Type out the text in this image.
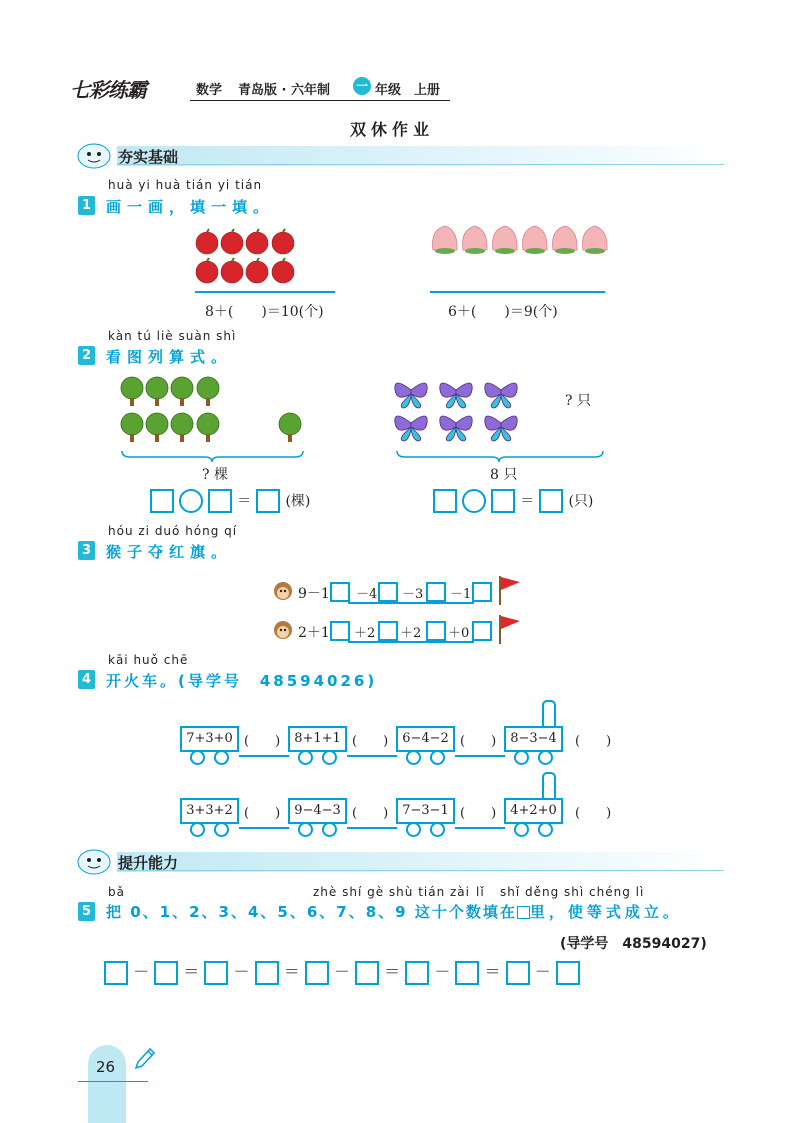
七彩练霸	数学 青岛版 · 六年制 一 年级 上册
双休作业
夯实基础
huà yi huà tián yi tián
1 画一画，填一填。
8＋(　　)＝10(个)	6＋(　　)＝9(个)
kàn tú liè suàn shì
2 看图列算式。
? 棵
＝ (棵)
? 只
8 只
＝ (只)
hóu zi duó hóng qí
3 猴子夺红旗。
9－1 －4 －3 －1
2＋1 ＋2 ＋2 ＋0
kāi huǒ chē
4 开火车。(导学号　48594026)
7+3+0 (　　)	8+1+1 (　　)	6−4−2 (　　)	8−3−4	(　　)
3+3+2 (　　)	9−4−3 (　　)	7−3−1 (　　)	4+2+0	(　　)
提升能力
bǎ	zhè shí gè shù tián zài lǐ shǐ děng shì chéng lì
5 把 0、1、2、3、4、5、6、7、8、9 这十个数填在 里，使等式成立。
(导学号　48594027)
－ ＝ － ＝ － ＝ － ＝ －
26
